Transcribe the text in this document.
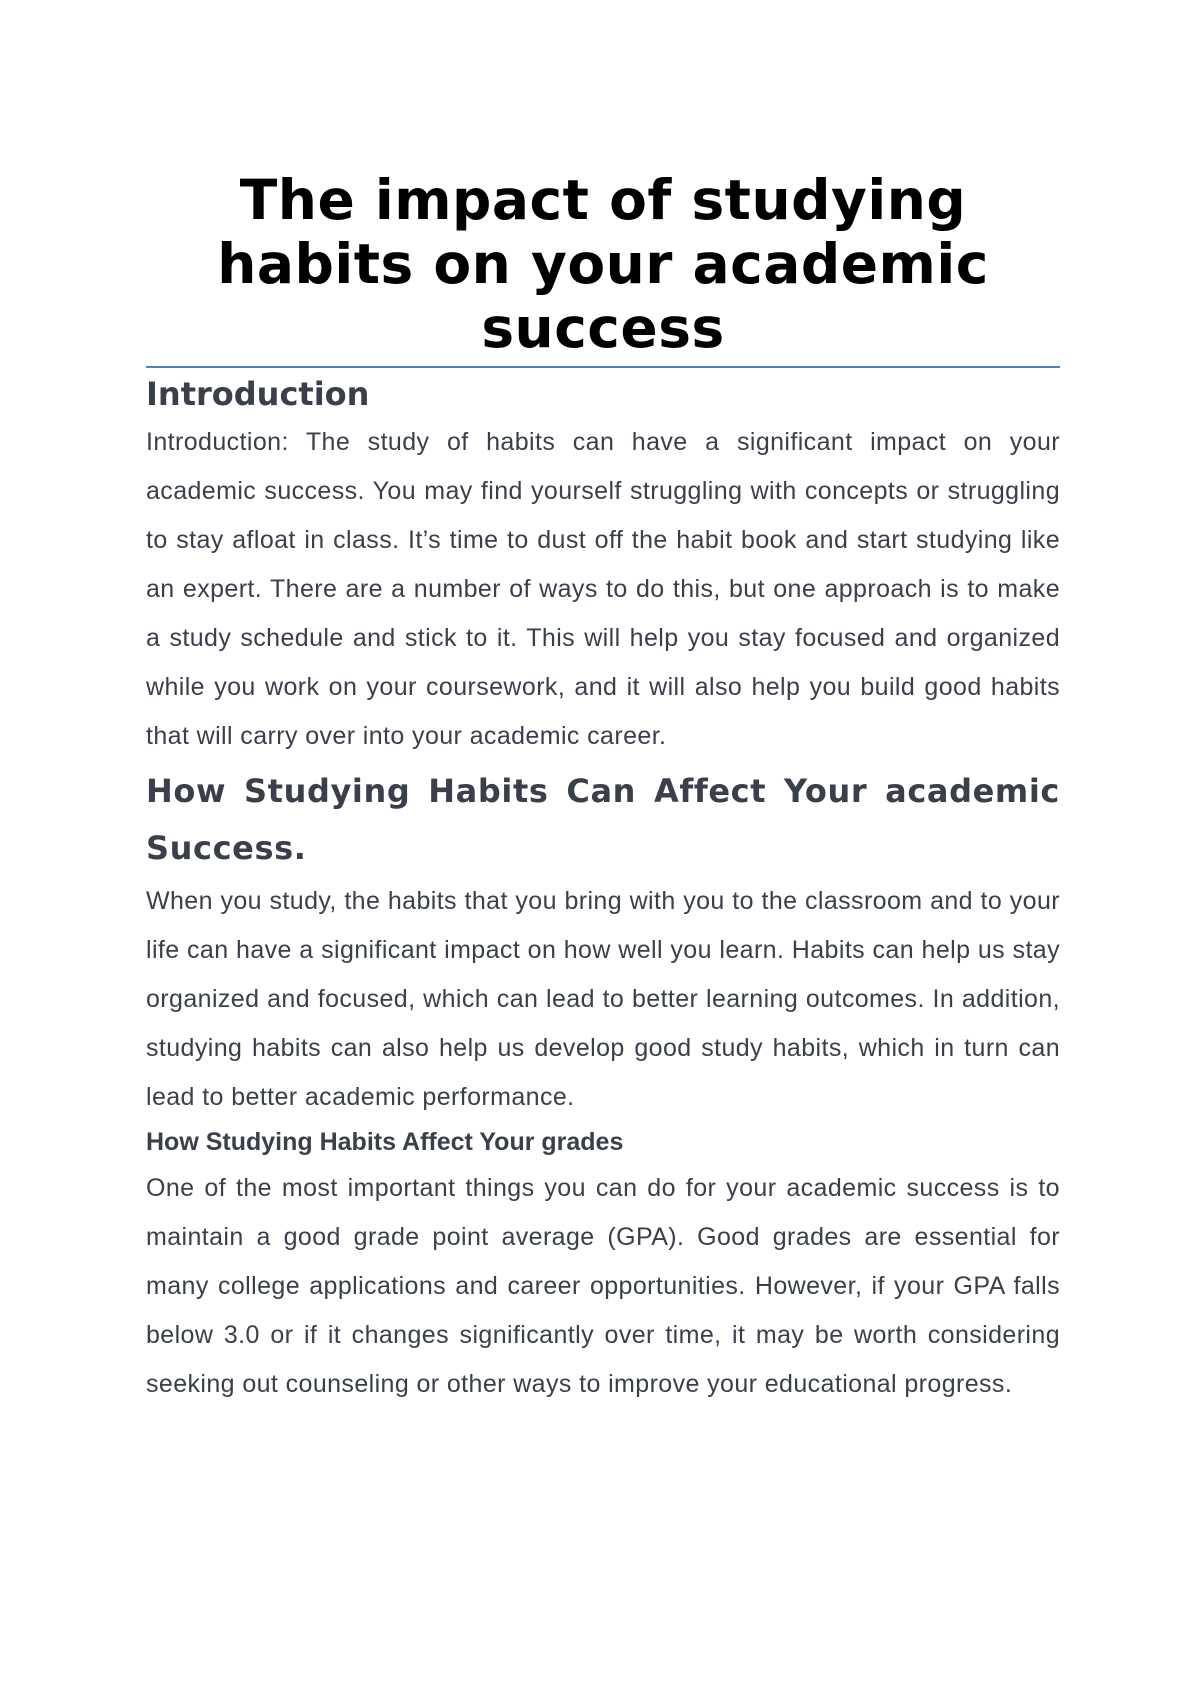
The impact of studying habits on your academic success
Introduction

Introduction: The study of habits can have a significant impact on your academic success. You may find yourself struggling with concepts or struggling to stay afloat in class. It’s time to dust off the habit book and start studying like an expert. There are a number of ways to do this, but one approach is to make a study schedule and stick to it. This will help you stay focused and organized while you work on your coursework, and it will also help you build good habits that will carry over into your academic career.

How Studying Habits Can Affect Your academic Success.

When you study, the habits that you bring with you to the classroom and to your life can have a significant impact on how well you learn. Habits can help us stay organized and focused, which can lead to better learning outcomes. In addition, studying habits can also help us develop good study habits, which in turn can lead to better academic performance.

How Studying Habits Affect Your grades

One of the most important things you can do for your academic success is to maintain a good grade point average (GPA). Good grades are essential for many college applications and career opportunities. However, if your GPA falls below 3.0 or if it changes significantly over time, it may be worth considering seeking out counseling or other ways to improve your educational progress.
